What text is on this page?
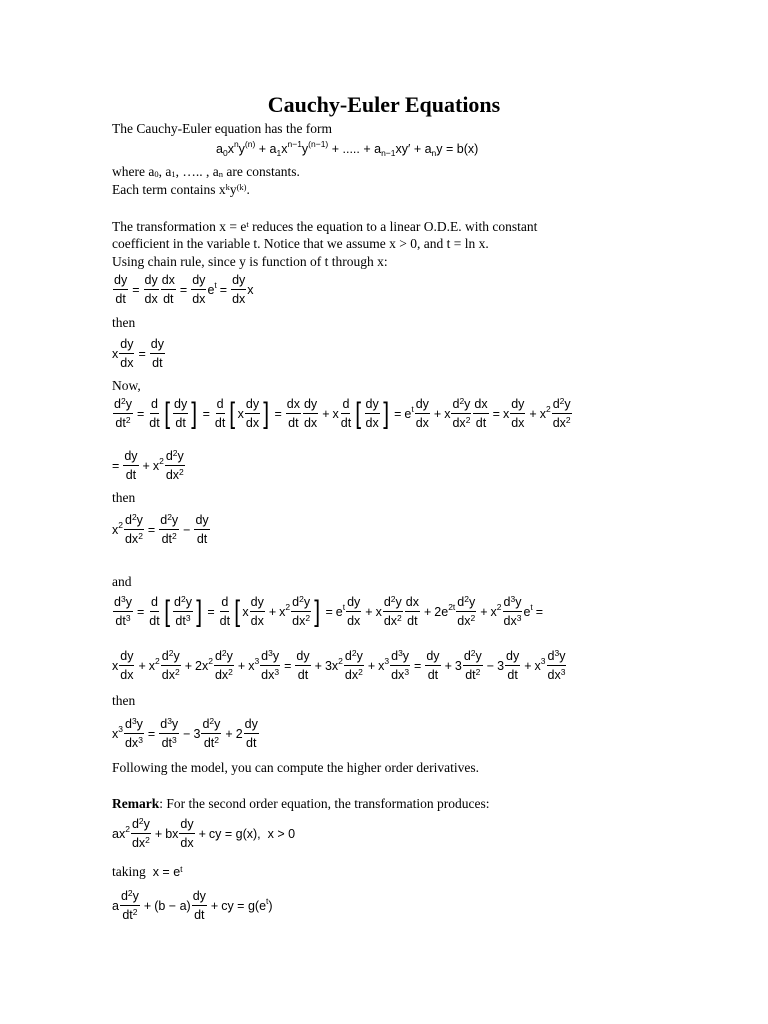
Cauchy-Euler Equations
The Cauchy-Euler equation has the form
$a_0x^ny^{(n)} + a_1x^{n-1}y^{(n-1)}$ + ..... + $a_{n-1}xy' + a_ny = b(x)$
where $a_0$, $a_1$, ….. , $a_n$ are constants.
Each term contains $x^ky^{(k)}$.
The transformation $x = e^t$ reduces the equation to a linear O.D.E. with constant
coefficient in the variable t. Notice that we assume x > 0, and t = ln x.
Using chain rule, since y is function of t through x:
$\frac{dy}{dt} = \frac{dy}{dx} \frac{dx}{dt} = \frac{dy}{dx} e^t = \frac{dy}{dx}$ x
then
x $\frac{dy}{dx} = \frac{dy}{dt}$
Now,
$\frac{d^2y}{dt^2} = \frac{d}{dt}$ [ dy
dt ] = $\frac{d}{dt}$ [ x
dy
dx ] = $\frac{dx}{dt}$ dy
dx
+ x
d
dt [ dy
dx ] = $e^t$ dy
dx
+ x
$d^2y$
$dx^2 \frac{dx}{dt} = x$
dy
dx
+ $x^2$ $d^2y$
$dx^2$
= $\frac{dy}{dt} + x^2$ $d^2y$
$dx^2$
then
$x^2 \frac{d^2y}{dx^2} = \frac{d^2y}{dt^2} - \frac{dy}{dt}$
and
$\frac{d^3y}{dt^3} = \frac{d}{dt}$ [ $d^2y$
$dt^3$ ] = $\frac{d}{dt}$ [ x
dy
dx
+ $x^2$ $d^2y$
$dx^2$ ] = $e^t$ dy
dx
+ x
$d^2y$
$dx^2$
dx
dt
+ $2e^{2t}$ $d^2y$
$dx^2 + x^2$ $d^3y$
$dx^3$ $e^t$ =
x
dy
dx
+ $x^2$ $d^2y$
$dx^2 + 2x^2$ $d^2y$
$dx^2 + x^3 \frac{d^3y}{dx^3} = \frac{dy}{dt} + 3x^2$ $d^2y$
$dx^2 + x^3 \frac{d^3y}{dx^3} = \frac{dy}{dt} + 3$
$d^2y$
$dt^2 - 3$
dy
dt
+ $x^3$ $d^3y$
$dx^3$
then
$x^3 \frac{d^3y}{dx^3} = \frac{d^3y}{dt^3} - 3$
$d^2y$
$dt^2 + 2$
dy
dt
Following the model, you can compute the higher order derivatives.
Remark: For the second order equation, the transformation produces:
$ax^2$ $d^2y$
$dx^2$ + bx
dy
dx
+ cy = g(x),  x > 0
taking  $x = e^t$
a
$d^2y$
$dt^2 + (b - a)$
dy
dt
+ cy = $g(e^t)$
